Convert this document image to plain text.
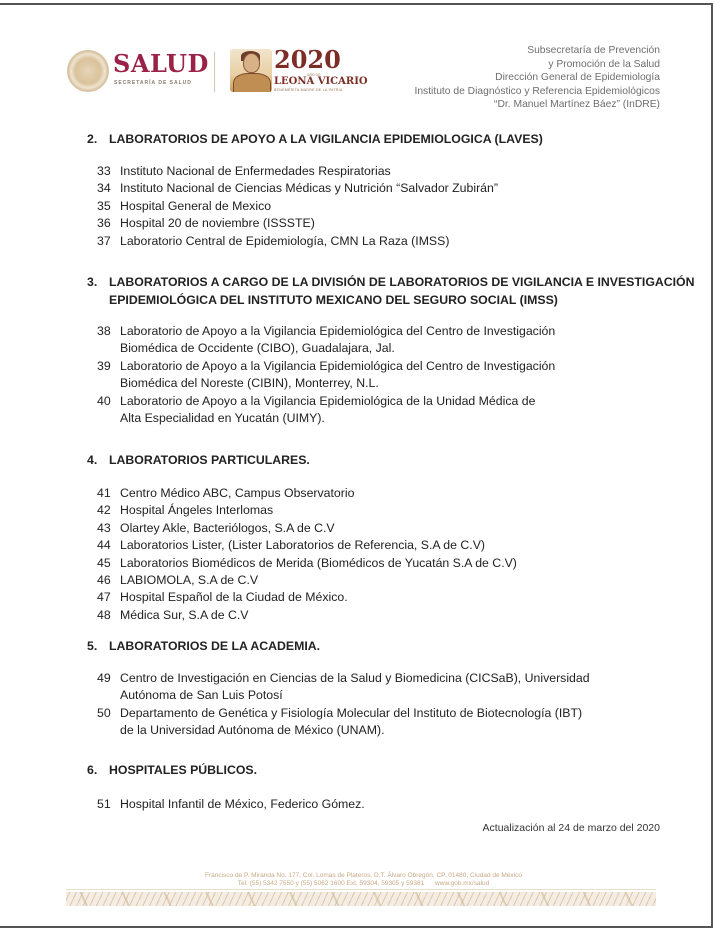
SALUD
SECRETARÍA DE SALUD
2020
AÑO DE
LEONA VICARIO
BENEMÉRITA MADRE DE LA PATRIA
Subsecretaría de Prevención
y Promoción de la Salud
Dirección General de Epidemiología
Instituto de Diagnóstico y Referencia Epidemiológicos
“Dr. Manuel Martínez Báez” (InDRE)
2. LABORATORIOS DE APOYO A LA VIGILANCIA EPIDEMIOLOGICA (LAVES)
33 Instituto Nacional de Enfermedades Respiratorias
34 Instituto Nacional de Ciencias Médicas y Nutrición “Salvador Zubirán”
35 Hospital General de Mexico
36 Hospital 20 de noviembre (ISSSTE)
37 Laboratorio Central de Epidemiología, CMN La Raza (IMSS)
3. LABORATORIOS A CARGO DE LA DIVISIÓN DE LABORATORIOS DE VIGILANCIA E INVESTIGACIÓN
EPIDEMIOLÓGICA DEL INSTITUTO MEXICANO DEL SEGURO SOCIAL (IMSS)
38 Laboratorio de Apoyo a la Vigilancia Epidemiológica del Centro de Investigación
Biomédica de Occidente (CIBO), Guadalajara, Jal.
39 Laboratorio de Apoyo a la Vigilancia Epidemiológica del Centro de Investigación
Biomédica del Noreste (CIBIN), Monterrey, N.L.
40 Laboratorio de Apoyo a la Vigilancia Epidemiológica de la Unidad Médica de
Alta Especialidad en Yucatán (UIMY).
4. LABORATORIOS PARTICULARES.
41 Centro Médico ABC, Campus Observatorio
42 Hospital Ángeles Interlomas
43 Olartey Akle, Bacteriólogos, S.A de C.V
44 Laboratorios Lister, (Lister Laboratorios de Referencia, S.A de C.V)
45 Laboratorios Biomédicos de Merida (Biomédicos de Yucatán S.A de C.V)
46 LABIOMOLA, S.A de C.V
47 Hospital Español de la Ciudad de México.
48 Médica Sur, S.A de C.V
5. LABORATORIOS DE LA ACADEMIA.
49 Centro de Investigación en Ciencias de la Salud y Biomedicina (CICSaB), Universidad
Autónoma de San Luis Potosí
50 Departamento de Genética y Fisiología Molecular del Instituto de Biotecnología (IBT)
de la Universidad Autónoma de México (UNAM).
6. HOSPITALES PÚBLICOS.
51 Hospital Infantil de México, Federico Gómez.
Actualización al 24 de marzo del 2020
Francisco de P. Miranda No. 177, Col. Lomas de Plateros, D.T. Álvaro Obregón, CP. 01480, Ciudad de México
Tel: (55) 5342 7550 y (55) 5062 1600 Ext. 59304, 59305 y 59381      www.gob.mx/salud
